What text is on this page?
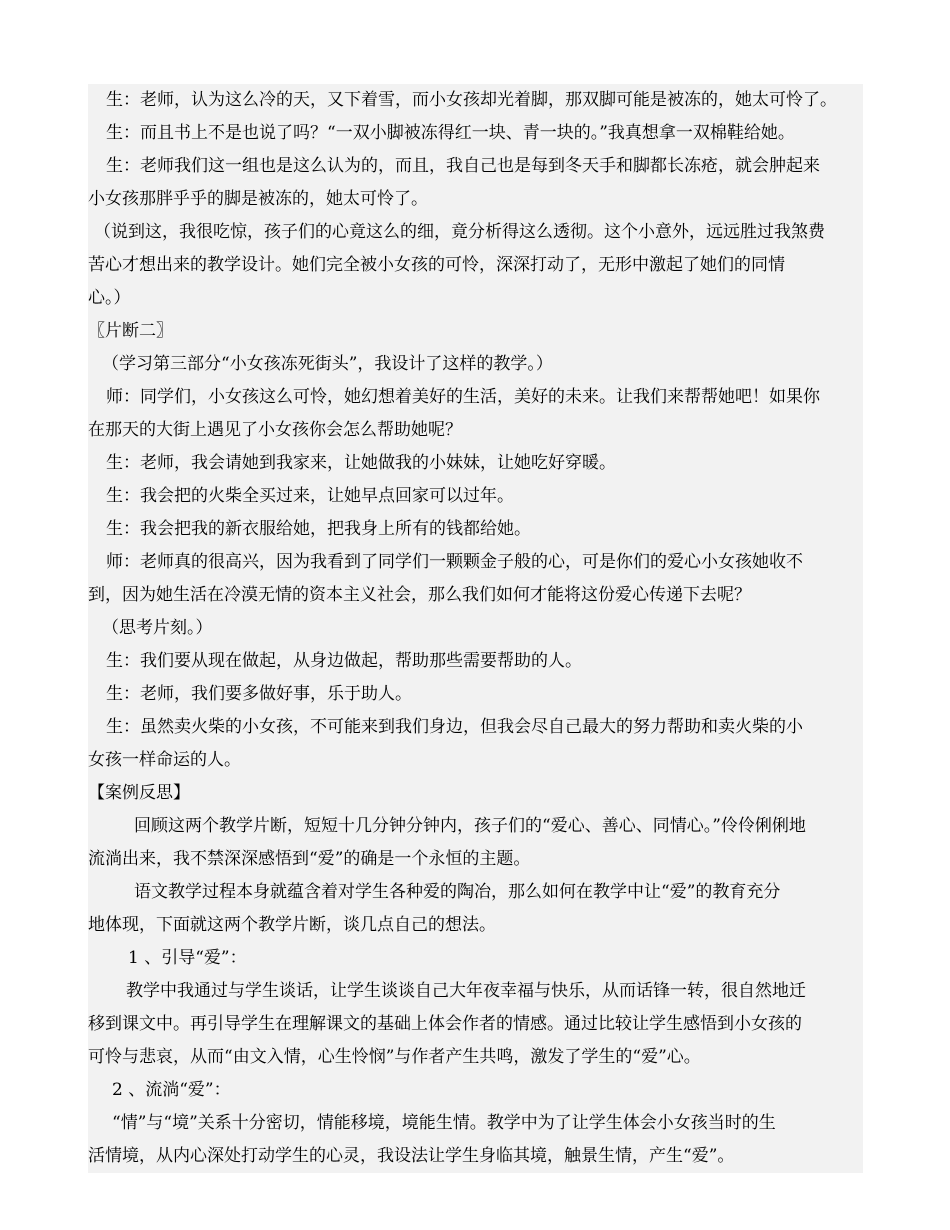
生：老师，认为这么冷的天，又下着雪，而小女孩却光着脚，那双脚可能是被冻的，她太可怜了。
生：而且书上不是也说了吗？“一双小脚被冻得红一块、青一块的。”我真想拿一双棉鞋给她。
生：老师我们这一组也是这么认为的，而且，我自己也是每到冬天手和脚都长冻疮，就会肿起来
小女孩那胖乎乎的脚是被冻的，她太可怜了。
（说到这，我很吃惊，孩子们的心竟这么的细，竟分析得这么透彻。这个小意外，远远胜过我煞费
苦心才想出来的教学设计。她们完全被小女孩的可怜，深深打动了，无形中激起了她们的同情
心。）
〖片断二〗
（学习第三部分“小女孩冻死街头”，我设计了这样的教学。）
师：同学们，小女孩这么可怜，她幻想着美好的生活，美好的未来。让我们来帮帮她吧！如果你
在那天的大街上遇见了小女孩你会怎么帮助她呢？
生：老师，我会请她到我家来，让她做我的小妹妹，让她吃好穿暖。
生：我会把的火柴全买过来，让她早点回家可以过年。
生：我会把我的新衣服给她，把我身上所有的钱都给她。
师：老师真的很高兴，因为我看到了同学们一颗颗金子般的心，可是你们的爱心小女孩她收不
到，因为她生活在冷漠无情的资本主义社会，那么我们如何才能将这份爱心传递下去呢？
（思考片刻。）
生：我们要从现在做起，从身边做起，帮助那些需要帮助的人。
生：老师，我们要多做好事，乐于助人。
生：虽然卖火柴的小女孩，不可能来到我们身边，但我会尽自己最大的努力帮助和卖火柴的小
女孩一样命运的人。
【案例反思】
回顾这两个教学片断，短短十几分钟分钟内，孩子们的“爱心、善心、同情心。”伶伶俐俐地
流淌出来，我不禁深深感悟到“爱”的确是一个永恒的主题。
语文教学过程本身就蕴含着对学生各种爱的陶冶，那么如何在教学中让“爱”的教育充分
地体现，下面就这两个教学片断，谈几点自己的想法。
1 、引导“爱”：
教学中我通过与学生谈话，让学生谈谈自己大年夜幸福与快乐，从而话锋一转，很自然地迁
移到课文中。再引导学生在理解课文的基础上体会作者的情感。通过比较让学生感悟到小女孩的
可怜与悲哀，从而“由文入情，心生怜悯”与作者产生共鸣，激发了学生的“爱”心。
2 、流淌“爱”：
“情”与“境”关系十分密切，情能移境，境能生情。教学中为了让学生体会小女孩当时的生
活情境，从内心深处打动学生的心灵，我设法让学生身临其境，触景生情，产生“爱”。
